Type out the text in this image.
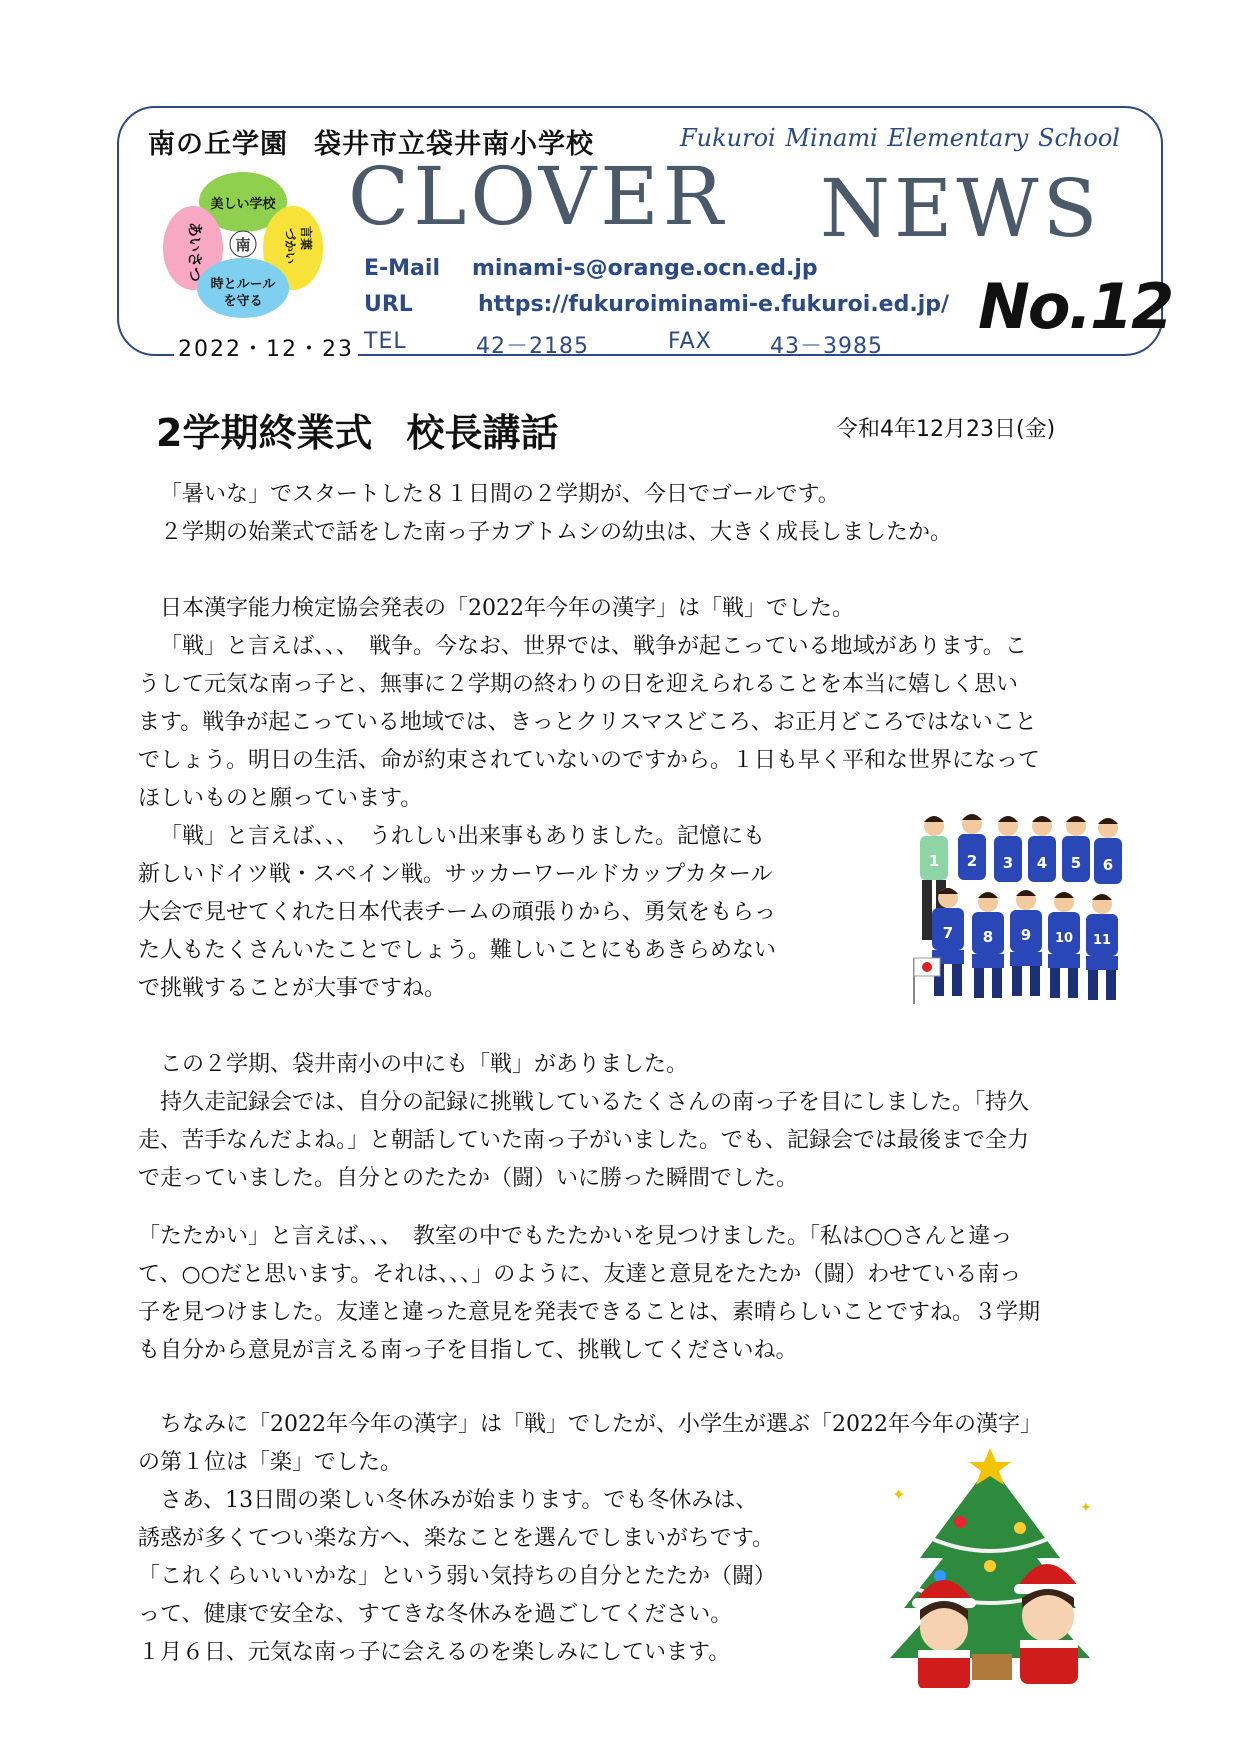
南の丘学園 袋井市立袋井南小学校	Fukuroi Minami Elementary School
CLOVER NEWS
美しい学校
あいさつ	言葉
づかい
時とルール
を守る
南
E-Mail minami-s@orange.ocn.ed.jp
URL	https://fukuroiminami-e.fukuroi.ed.jp/
TEL	42－2185	FAX	43－3985
No.12
2022・12・23
2学期終業式 校長講話	令和4年12月23日(金)
「暑いな」でスタートした８１日間の２学期が、今日でゴールです。
２学期の始業式で話をした南っ子カブトムシの幼虫は、大きく成長しましたか。
日本漢字能力検定協会発表の「2022年今年の漢字」は「戦」でした。
「戦」と言えば、、、　戦争。今なお、世界では、戦争が起こっている地域があります。こ
うして元気な南っ子と、無事に２学期の終わりの日を迎えられることを本当に嬉しく思い
ます。戦争が起こっている地域では、きっとクリスマスどころ、お正月どころではないこと
でしょう。明日の生活、命が約束されていないのですから。１日も早く平和な世界になって
ほしいものと願っています。
「戦」と言えば、、、　うれしい出来事もありました。記憶にも
新しいドイツ戦・スペイン戦。サッカーワールドカップカタール
大会で見せてくれた日本代表チームの頑張りから、勇気をもらっ
た人もたくさんいたことでしょう。難しいことにもあきらめない
で挑戦することが大事ですね。
この２学期、袋井南小の中にも「戦」がありました。
持久走記録会では、自分の記録に挑戦しているたくさんの南っ子を目にしました。「持久
走、苦手なんだよね。」と朝話していた南っ子がいました。でも、記録会では最後まで全力
で走っていました。自分とのたたか（闘）いに勝った瞬間でした。
「たたかい」と言えば、、、　教室の中でもたたかいを見つけました。「私は○○さんと違っ
て、○○だと思います。それは、、、」のように、友達と意見をたたか（闘）わせている南っ
子を見つけました。友達と違った意見を発表できることは、素晴らしいことですね。３学期
も自分から意見が言える南っ子を目指して、挑戦してくださいね。
ちなみに「2022年今年の漢字」は「戦」でしたが、小学生が選ぶ「2022年今年の漢字」
の第１位は「楽」でした。
さあ、13日間の楽しい冬休みが始まります。でも冬休みは、
誘惑が多くてつい楽な方へ、楽なことを選んでしまいがちです。
「これくらいいいかな」という弱い気持ちの自分とたたか（闘）
って、健康で安全な、すてきな冬休みを過ごしてください。
１月６日、元気な南っ子に会えるのを楽しみにしています。
1 2 3 4 5 6
7 8 9 10 11
✦
✦
